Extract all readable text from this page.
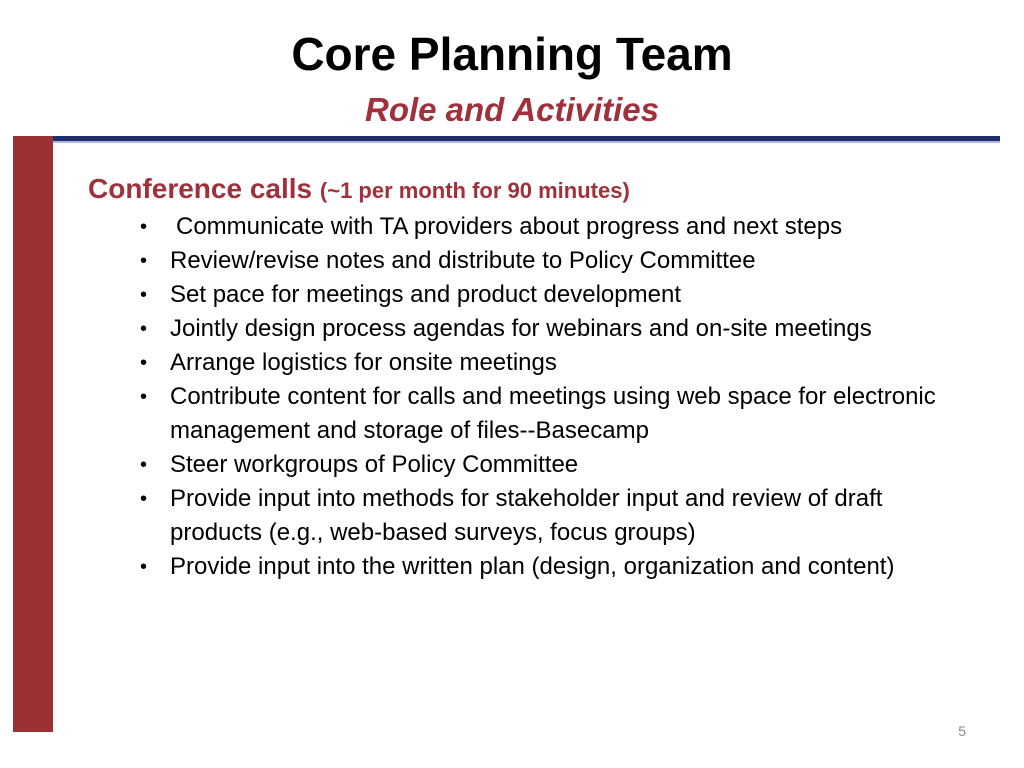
Core Planning Team
Role and Activities

Conference calls (~1 per month for 90 minutes)

• Communicate with TA providers about progress and next steps
• Review/revise notes and distribute to Policy Committee
• Set pace for meetings and product development
• Jointly design process agendas for webinars and on-site meetings
• Arrange logistics for onsite meetings
• Contribute content for calls and meetings using web space for electronic management and storage of files--Basecamp
• Steer workgroups of Policy Committee
• Provide input into methods for stakeholder input and review of draft products (e.g., web-based surveys, focus groups)
• Provide input into the written plan (design, organization and content)
5
